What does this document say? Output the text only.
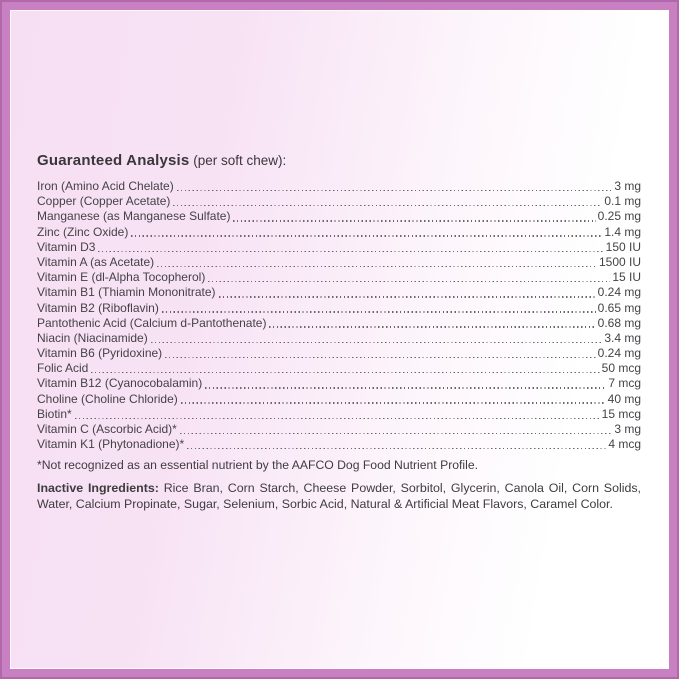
Guaranteed Analysis (per soft chew):
Iron (Amino Acid Chelate)	3 mg
Copper (Copper Acetate)	0.1 mg
Manganese (as Manganese Sulfate)	0.25 mg
Zinc (Zinc Oxide)	1.4 mg
Vitamin D3	150 IU
Vitamin A (as Acetate)	1500 IU
Vitamin E (dl-Alpha Tocopherol)	15 IU
Vitamin B1 (Thiamin Mononitrate)	0.24 mg
Vitamin B2 (Riboflavin)	0.65 mg
Pantothenic Acid (Calcium d-Pantothenate)	0.68 mg
Niacin (Niacinamide)	3.4 mg
Vitamin B6 (Pyridoxine)	0.24 mg
Folic Acid	50 mcg
Vitamin B12 (Cyanocobalamin)	7 mcg
Choline (Choline Chloride)	40 mg
Biotin*	15 mcg
Vitamin C (Ascorbic Acid)*	3 mg
Vitamin K1 (Phytonadione)*	4 mcg
*Not recognized as an essential nutrient by the AAFCO Dog Food Nutrient Profile.

Inactive Ingredients: Rice Bran, Corn Starch, Cheese Powder, Sorbitol, Glycerin, Canola Oil, Corn Solids, Water, Calcium Propinate, Sugar, Selenium, Sorbic Acid, Natural & Artificial Meat Flavors, Caramel Color.
